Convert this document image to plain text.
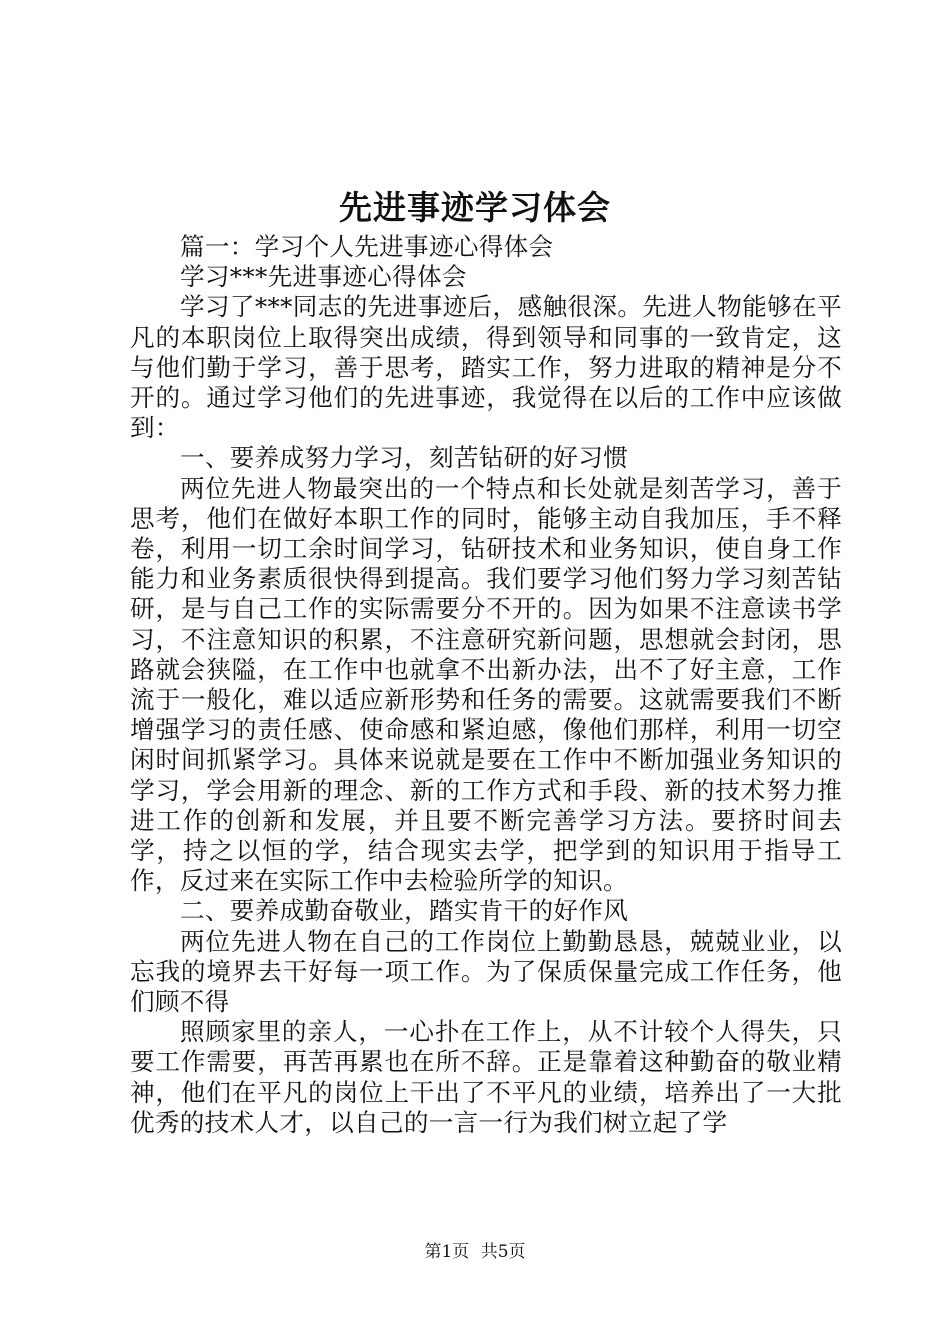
先进事迹学习体会

篇一：学习个人先进事迹心得体会

学习***先进事迹心得体会

学习了***同志的先进事迹后，感触很深。先进人物能够在平凡的本职岗位上取得突出成绩，得到领导和同事的一致肯定，这与他们勤于学习，善于思考，踏实工作，努力进取的精神是分不开的。通过学习他们的先进事迹，我觉得在以后的工作中应该做到：

一、要养成努力学习，刻苦钻研的好习惯

两位先进人物最突出的一个特点和长处就是刻苦学习，善于思考，他们在做好本职工作的同时，能够主动自我加压，手不释卷，利用一切工余时间学习，钻研技术和业务知识，使自身工作能力和业务素质很快得到提高。我们要学习他们努力学习刻苦钻研，是与自己工作的实际需要分不开的。因为如果不注意读书学习，不注意知识的积累，不注意研究新问题，思想就会封闭，思路就会狭隘，在工作中也就拿不出新办法，出不了好主意，工作流于一般化，难以适应新形势和任务的需要。这就需要我们不断增强学习的责任感、使命感和紧迫感，像他们那样，利用一切空闲时间抓紧学习。具体来说就是要在工作中不断加强业务知识的学习，学会用新的理念、新的工作方式和手段、新的技术努力推进工作的创新和发展，并且要不断完善学习方法。要挤时间去学，持之以恒的学，结合现实去学，把学到的知识用于指导工作，反过来在实际工作中去检验所学的知识。

二、要养成勤奋敬业，踏实肯干的好作风

两位先进人物在自己的工作岗位上勤勤恳恳，兢兢业业，以忘我的境界去干好每一项工作。为了保质保量完成工作任务，他们顾不得

照顾家里的亲人，一心扑在工作上，从不计较个人得失，只要工作需要，再苦再累也在所不辞。正是靠着这种勤奋的敬业精神，他们在平凡的岗位上干出了不平凡的业绩，培养出了一大批优秀的技术人才，以自己的一言一行为我们树立起了学

第1页 共5页
